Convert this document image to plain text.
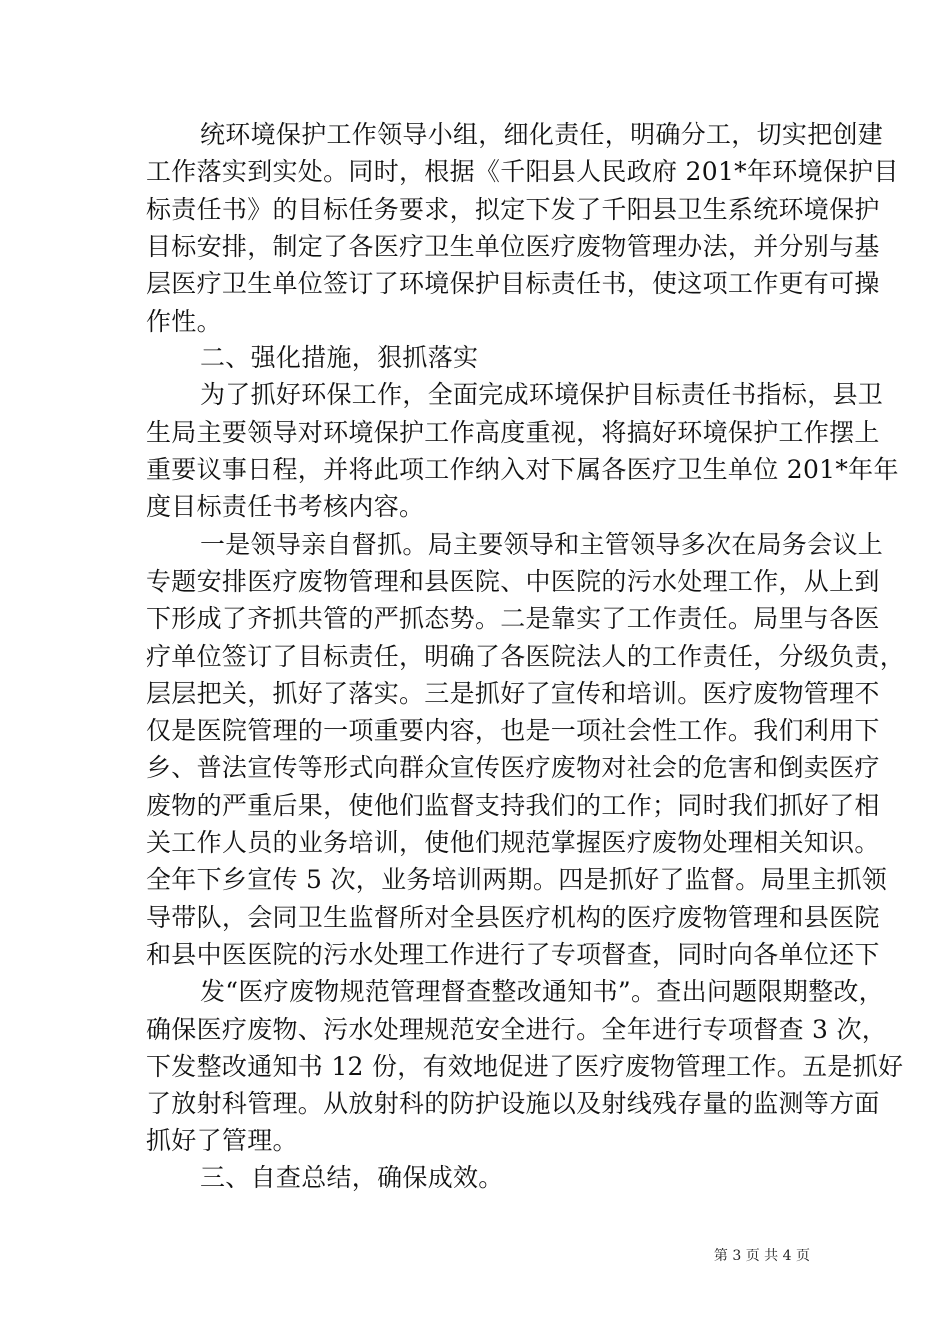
统环境保护工作领导小组，细化责任，明确分工，切实把创建
工作落实到实处。同时，根据《千阳县人民政府 201*年环境保护目
标责任书》的目标任务要求，拟定下发了千阳县卫生系统环境保护
目标安排，制定了各医疗卫生单位医疗废物管理办法，并分别与基
层医疗卫生单位签订了环境保护目标责任书，使这项工作更有可操
作性。
二、强化措施，狠抓落实
为了抓好环保工作，全面完成环境保护目标责任书指标，县卫
生局主要领导对环境保护工作高度重视，将搞好环境保护工作摆上
重要议事日程，并将此项工作纳入对下属各医疗卫生单位 201*年年
度目标责任书考核内容。
一是领导亲自督抓。局主要领导和主管领导多次在局务会议上
专题安排医疗废物管理和县医院、中医院的污水处理工作，从上到
下形成了齐抓共管的严抓态势。二是靠实了工作责任。局里与各医
疗单位签订了目标责任，明确了各医院法人的工作责任，分级负责，
层层把关，抓好了落实。三是抓好了宣传和培训。医疗废物管理不
仅是医院管理的一项重要内容，也是一项社会性工作。我们利用下
乡、普法宣传等形式向群众宣传医疗废物对社会的危害和倒卖医疗
废物的严重后果，使他们监督支持我们的工作；同时我们抓好了相
关工作人员的业务培训，使他们规范掌握医疗废物处理相关知识。
全年下乡宣传 5 次，业务培训两期。四是抓好了监督。局里主抓领
导带队，会同卫生监督所对全县医疗机构的医疗废物管理和县医院
和县中医医院的污水处理工作进行了专项督查，同时向各单位还下
发“医疗废物规范管理督查整改通知书”。查出问题限期整改，
确保医疗废物、污水处理规范安全进行。全年进行专项督查 3 次，
下发整改通知书 12 份，有效地促进了医疗废物管理工作。五是抓好
了放射科管理。从放射科的防护设施以及射线残存量的监测等方面
抓好了管理。
三、自查总结，确保成效。
第 3 页 共 4 页
